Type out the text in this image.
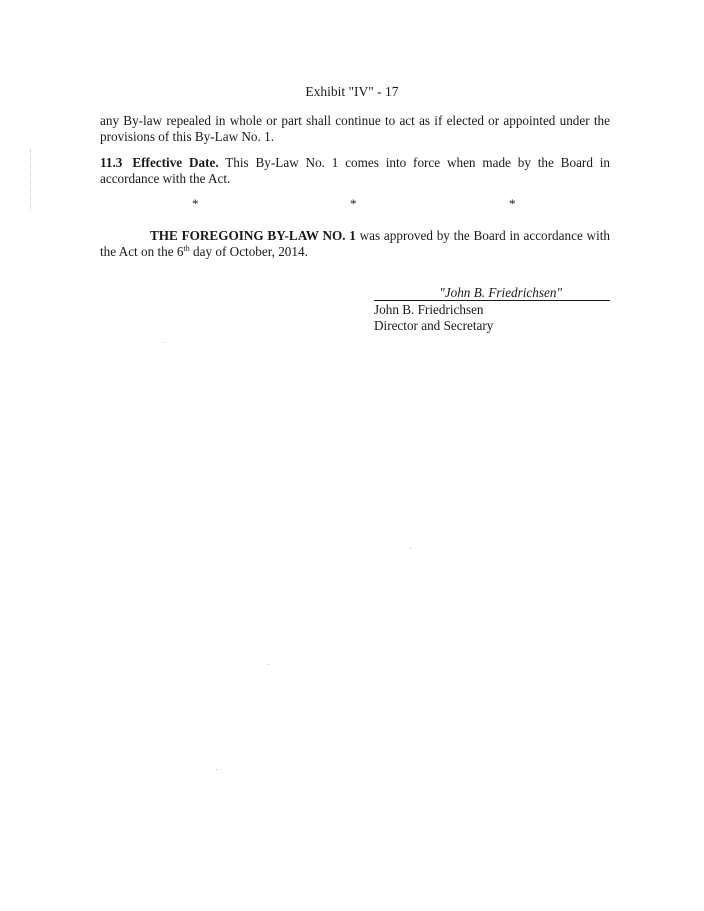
Exhibit "IV" - 17
any By-law repealed in whole or part shall continue to act as if elected or appointed under the provisions of this By-Law No. 1.
11.3 Effective Date. This By-Law No. 1 comes into force when made by the Board in accordance with the Act.
*	*	*
THE FOREGOING BY-LAW NO. 1 was approved by the Board in accordance with the Act on the 6th day of October, 2014.
"John B. Friedrichsen"
John B. Friedrichsen
Director and Secretary
